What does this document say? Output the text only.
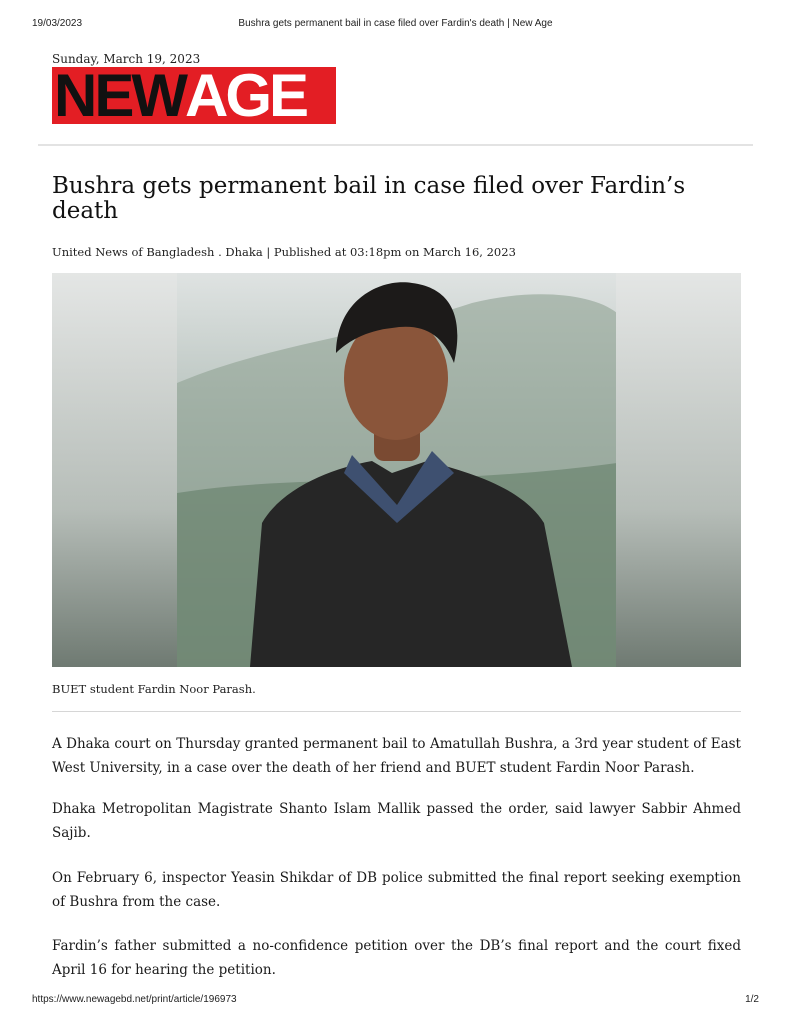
19/03/2023	Bushra gets permanent bail in case filed over Fardin's death | New Age
Sunday, March 19, 2023
NEW AGE
Bushra gets permanent bail in case filed over Fardin’s death
United News of Bangladesh . Dhaka | Published at 03:18pm on March 16, 2023
BUET student Fardin Noor Parash.

A Dhaka court on Thursday granted permanent bail to Amatullah Bushra, a 3rd year student of East West University, in a case over the death of her friend and BUET student Fardin Noor Parash.

Dhaka Metropolitan Magistrate Shanto Islam Mallik passed the order, said lawyer Sabbir Ahmed Sajib.

On February 6, inspector Yeasin Shikdar of DB police submitted the final report seeking exemption of Bushra from the case.

Fardin’s father submitted a no-confidence petition over the DB’s final report and the court fixed April 16 for hearing the petition.

https://www.newagebd.net/print/article/196973	1/2
